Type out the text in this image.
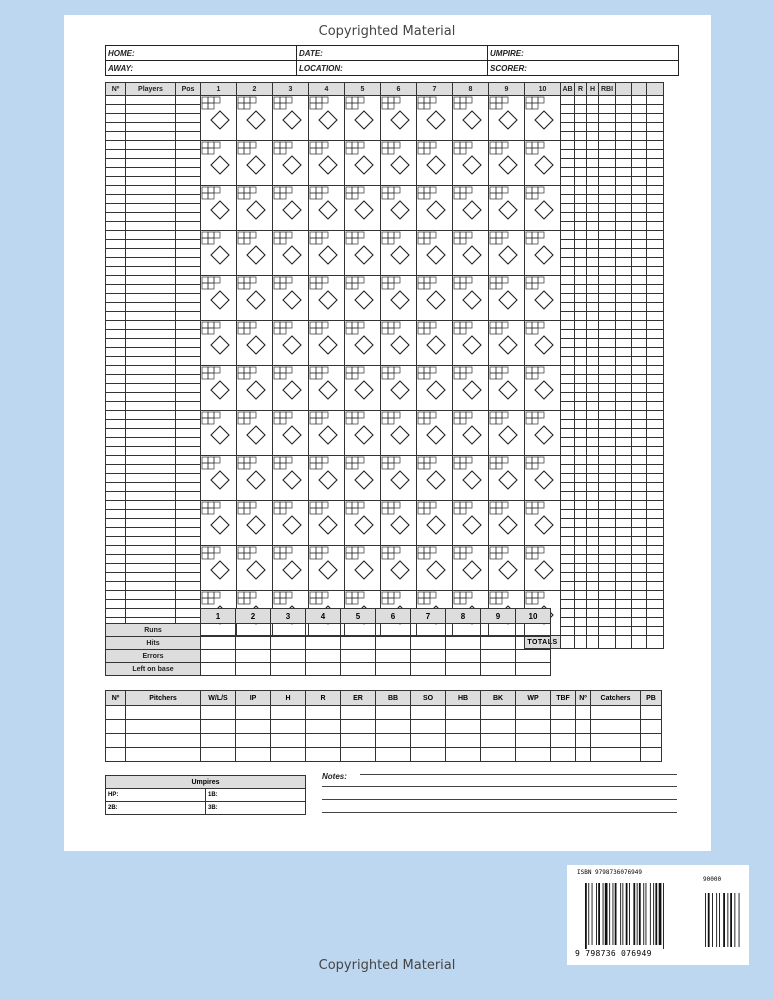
Copyrighted Material
HOME:	DATE:	UMPIRE:
AWAY:	LOCATION:	SCORER:
Nº	Players	Pos	1	2	3	4	5	6	7	8	9	10	AB	R	H	RBI			

												TOTALS							
	1	2	3	4	5	6	7	8	9	10
Runs										
Hits										
Errors										
Left on base										
Nº	Pitchers	W/L/S	IP	H	R	ER	BB	SO	HB	BK	WP	TBF	Nº	Catchers	PB

Umpires	
HP:	1B:
2B:	3B:
Notes:
ISBN 9798736076949
90000
9 798736 076949
Copyrighted Material
